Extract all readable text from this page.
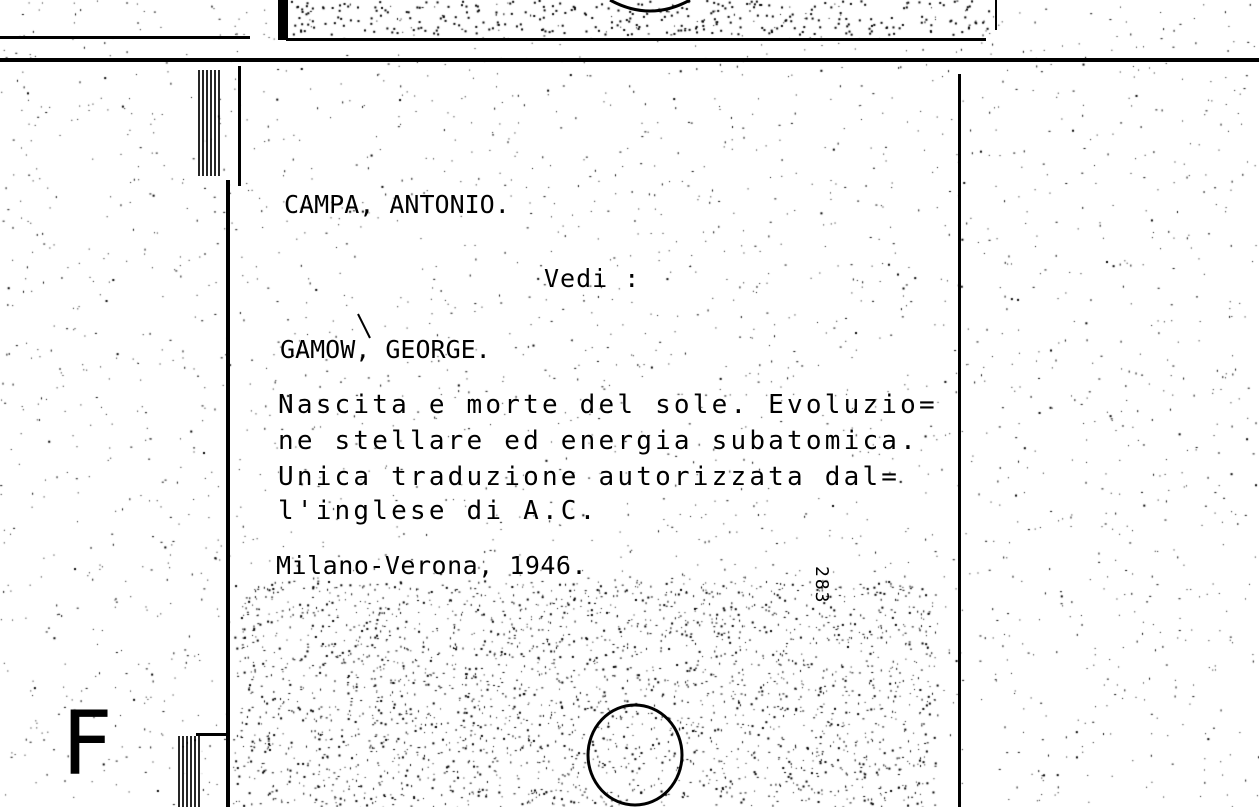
CAMPA, ANTONIO.
Vedi :
GAMOW, GEORGE.
Nascita e morte del sole. Evoluzio=
ne stellare ed energia subatomica.
Unica traduzione autorizzata dal=
l'inglese di A.C.
Milano-Verona, 1946.
283
F
